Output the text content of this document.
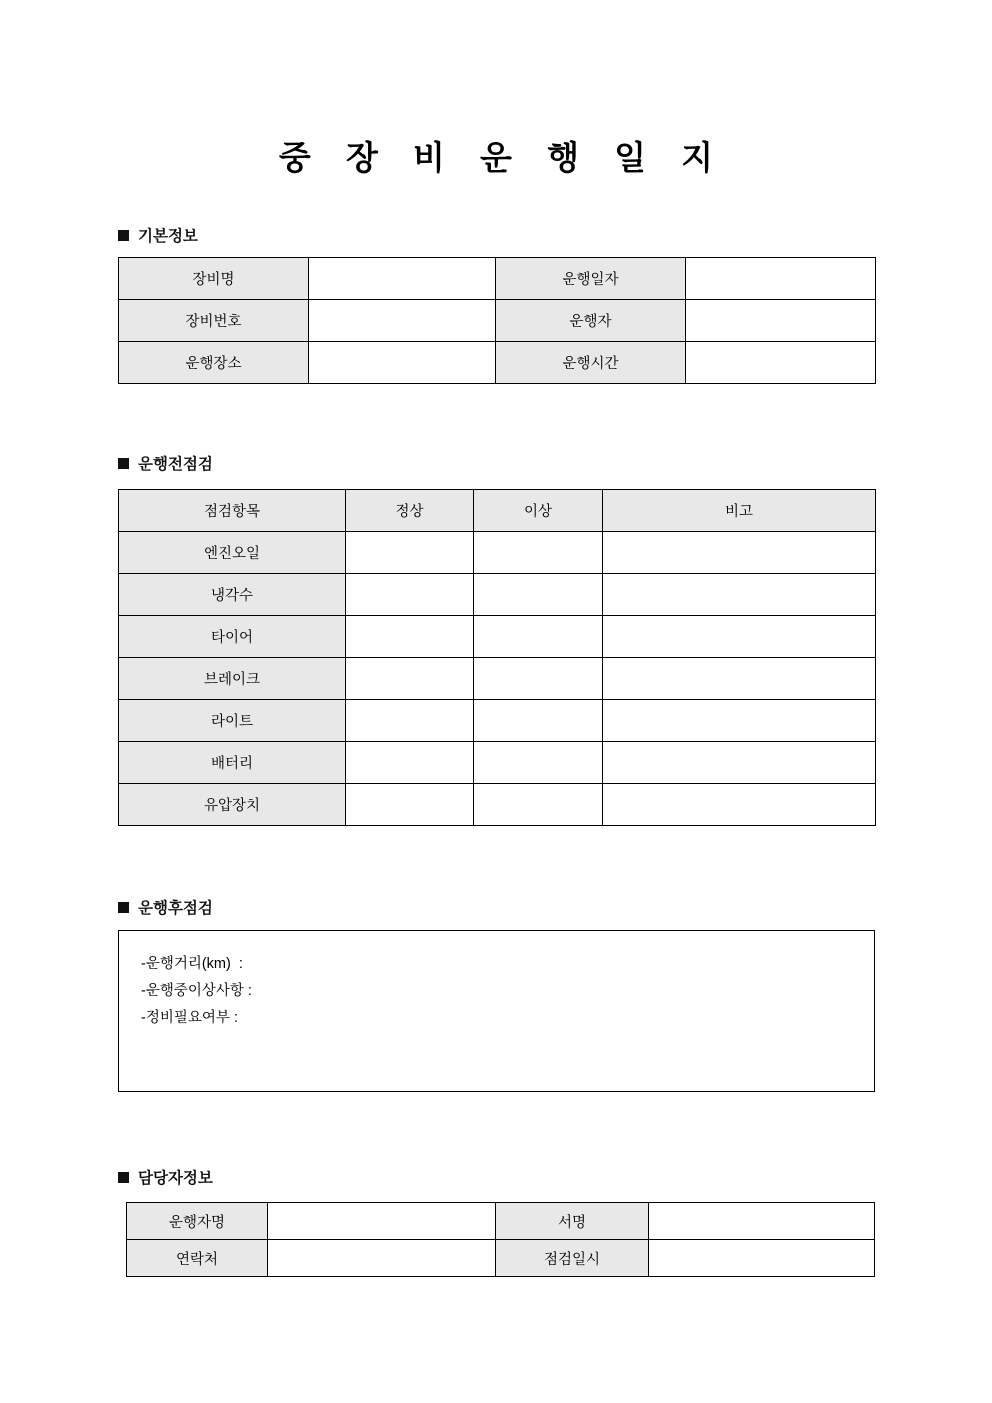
중 장 비 운 행 일 지
기본정보
장비명		운행일자	
장비번호		운행자	
운행장소		운행시간	
운행전점검
점검항목	정상	이상	비고
엔진오일			
냉각수			
타이어			
브레이크			
라이트			
배터리			
유압장치			
운행후점검
-운행거리(km)  :
-운행중이상사항 :
-정비필요여부 :
담당자정보
운행자명		서명	
연락처		점검일시	
